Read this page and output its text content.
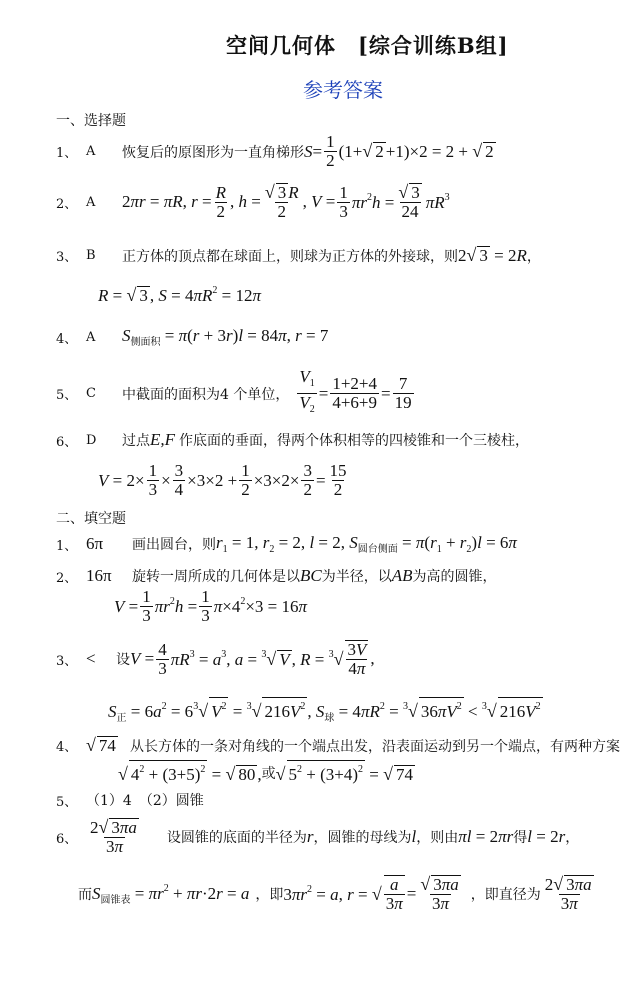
空间几何体　[综合训练B组]
参考答案
一、选择题
1、 A	恢复后的原图形为一直角梯形 $S = \frac{1}{2} (1+√$ 2 +1)×2 = 2 + √ 2
2、 A	2πr = πR, $r = \frac{R}{2}$ , $h = \frac{√ 3 R}{2}$ , $V = \frac{1}{3} \pi r^2h = \frac{√ 3}{24} \pi R^3$
3、 B	正方体的顶点都在球面上，则球为正方体的外接球，则 2√ 3 = 2R ，
R = √ 3 , $S = 4\pi R^2 = 12\pi$
4、 A	$S_{侧面积} = \pi(r + 3r)l = 84\pi$, r = 7
5、 C	中截面的面积为4 个单位， $\frac{V_1}{V_2} = \frac{1+2+4}{4+6+9} = \frac{7}{19}$
6、 D	过点 E,F 作底面的垂面，得两个体积相等的四棱锥和一个三棱柱，
$V = 2\times \frac{1}{3} \times \frac{3}{4} \times 3\times 2 + \frac{1}{2} \times 3\times 2\times \frac{3}{2} = \frac{15}{2}$
二、填空题
1、 6π	画出圆台，则 $r_1 = 1$, $r_2 = 2$, l = 2, $S_{圆台侧面} = \pi(r_1 + r_2)l = 6\pi$
2、 16π	旋转一周所成的几何体是以 BC 为半径，以 AB 为高的圆锥，
$V = \frac{1}{3} \pi r^2h = \frac{1}{3} \pi\times 4^2\times 3 = 16\pi$
3、 <	设 $V = \frac{4}{3} \pi R^3 = a^3$, a = $^3$√ V , $R = ^3√ \frac{3V}{4\pi}$ ,
$S_正 = 6a^2 = 6^3√$ $V^2 = ^3√$ $216V^2$ , $S_球 = 4\pi R^2 = ^3√$ $36\pi V^2 < ^3√$ $216V^2$
4、 √ 74	从长方体的一条对角线的一个端点出发，沿表面运动到另一个端点，有两种方案
√ $4^2 + (3+5)^2$ = √ 80 , 或 √ $5^2 + (3+4)^2$ = √ 74
5、 （1）4　（2）圆锥
6、 $\frac{2√ 3\pi a}{3\pi}$ 设圆锥的底面的半径为 r ，圆锥的母线为 l ，则由 πl = 2πr 得 l = 2r ，
而 $S_{圆锥表} = \pi r^2 + \pi r\cdot 2r = a$ ，即 $3\pi r^2 = a$, r = √ $\frac{a}{3\pi} = \frac{√ 3\pi a}{3\pi}$ ，即直径为 $\frac{2√ 3\pi a}{3\pi}$
